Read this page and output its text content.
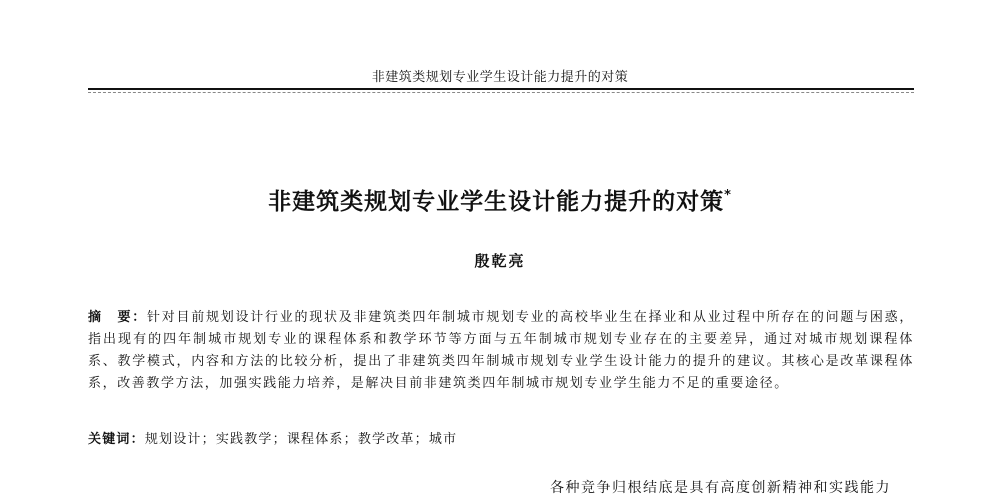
非建筑类规划专业学生设计能力提升的对策
非建筑类规划专业学生设计能力提升的对策*
殷乾亮
摘　要：针对目前规划设计行业的现状及非建筑类四年制城市规划专业的高校毕业生在择业和从业过程中所存在的问题与困惑，指出现有的四年制城市规划专业的课程体系和教学环节等方面与五年制城市规划专业存在的主要差异，通过对城市规划课程体系、教学模式，内容和方法的比较分析，提出了非建筑类四年制城市规划专业学生设计能力的提升的建议。其核心是改革课程体系，改善教学方法，加强实践能力培养，是解决目前非建筑类四年制城市规划专业学生能力不足的重要途径。
关键词：规划设计；实践教学；课程体系；教学改革；城市
各种竞争归根结底是具有高度创新精神和实践能力
